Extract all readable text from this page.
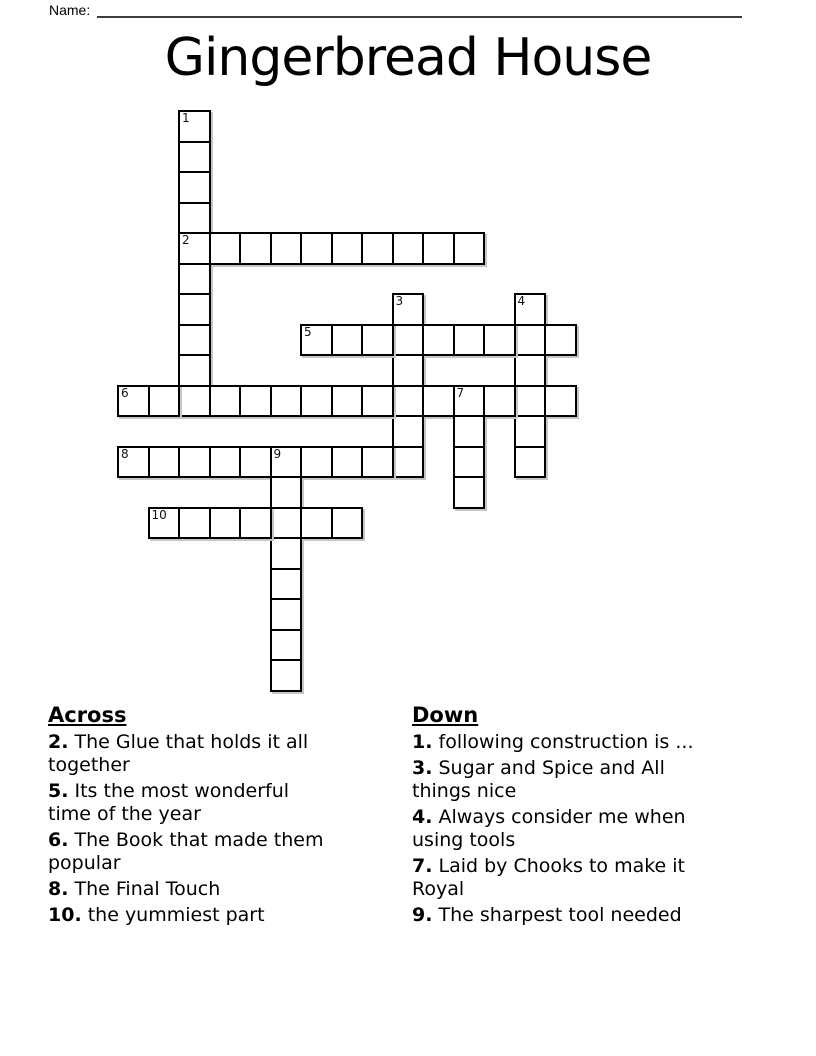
Name:
Gingerbread House
1
2
3	4
5
6	7
8	9
10
Across

2. The Glue that holds it all together

5. Its the most wonderful time of the year

6. The Book that made them popular

8. The Final Touch

10. the yummiest part

Down

1. following construction is ...

3. Sugar and Spice and All things nice

4. Always consider me when using tools

7. Laid by Chooks to make it Royal

9. The sharpest tool needed
